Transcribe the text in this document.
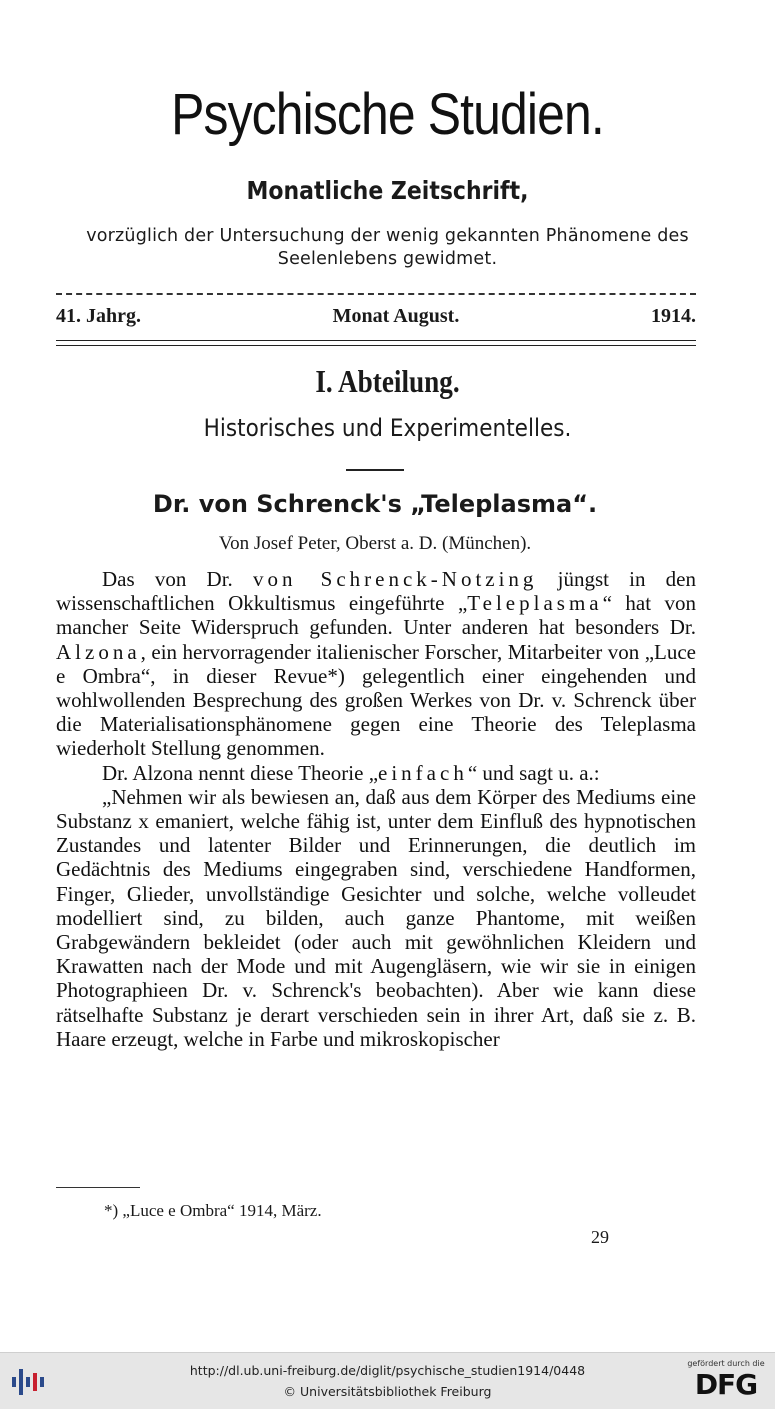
Psychische Studien.
Monatliche Zeitschrift,
vorzüglich der Untersuchung der wenig gekannten Phänomene des Seelenlebens gewidmet.
41. Jahrg.	Monat August.	1914.
I. Abteilung.
Historisches und Experimentelles.
Dr. von Schrenck's „Teleplasma“.
Von Josef Peter, Oberst a. D. (München).

Das von Dr. von Schrenck-Notzing jüngst in den wissenschaftlichen Okkultismus eingeführte „Teleplasma“ hat von mancher Seite Widerspruch gefunden. Unter anderen hat besonders Dr. Alzona, ein hervorragender italienischer Forscher, Mitarbeiter von „Luce e Ombra“, in dieser Revue*) gelegentlich einer eingehenden und wohlwollenden Besprechung des großen Werkes von Dr. v. Schrenck über die Materialisationsphänomene gegen eine Theorie des Teleplasma wiederholt Stellung genommen.

Dr. Alzona nennt diese Theorie „einfach“ und sagt u. a.:

„Nehmen wir als bewiesen an, daß aus dem Körper des Mediums eine Substanz x emaniert, welche fähig ist, unter dem Einfluß des hypnotischen Zustandes und latenter Bilder und Erinnerungen, die deutlich im Gedächtnis des Mediums eingegraben sind, verschiedene Handformen, Finger, Glieder, unvollständige Gesichter und solche, welche volleudet modelliert sind, zu bilden, auch ganze Phantome, mit weißen Grabgewändern bekleidet (oder auch mit gewöhnlichen Kleidern und Krawatten nach der Mode und mit Augengläsern, wie wir sie in einigen Photographieen Dr. v. Schrenck's beobachten). Aber wie kann diese rätselhafte Substanz je derart verschieden sein in ihrer Art, daß sie z. B. Haare erzeugt, welche in Farbe und mikroskopischer

*) „Luce e Ombra“ 1914, März.
29
http://dl.ub.uni-freiburg.de/diglit/psychische_studien1914/0448
© Universitätsbibliothek Freiburg
gefördert durch die
DFG
